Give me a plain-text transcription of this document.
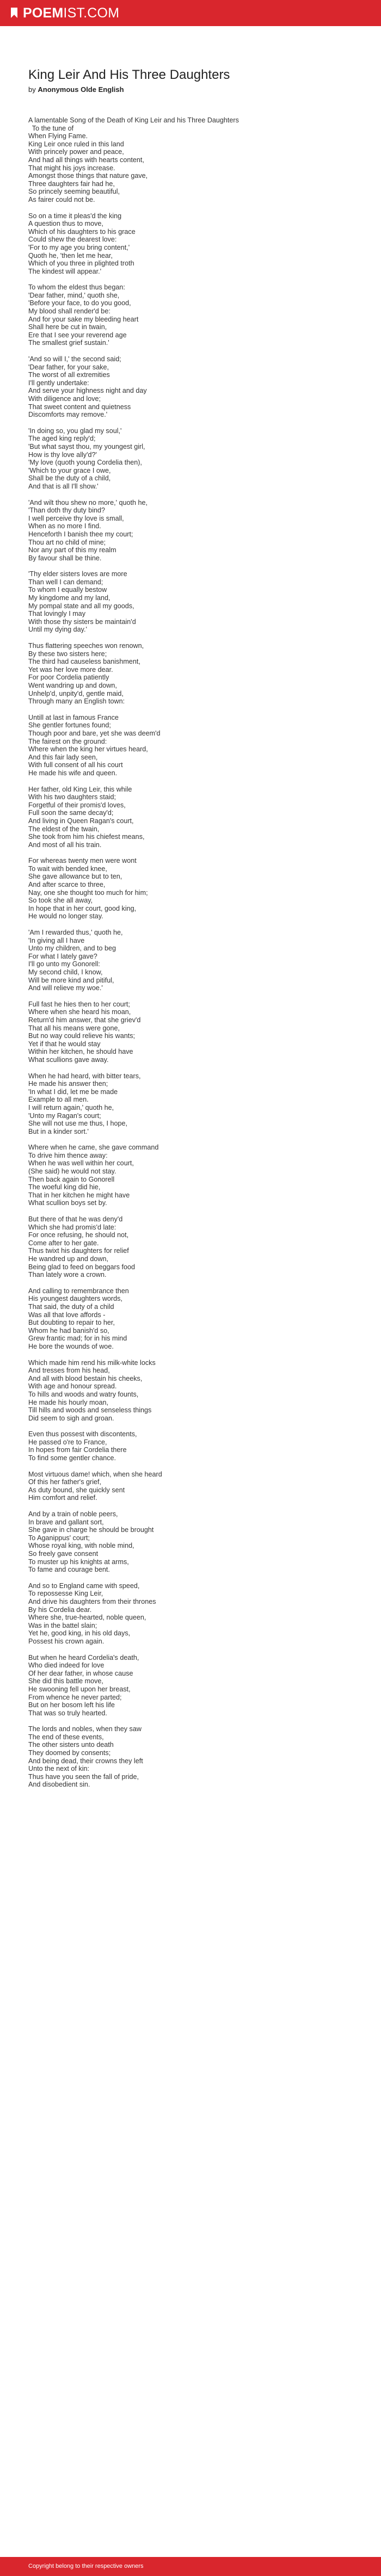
POEMIST.COM
King Leir And His Three Daughters
by Anonymous Olde English
A lamentable Song of the Death of King Leir and his Three Daughters
To the tune of
When Flying Fame.
King Leir once ruled in this land
With princely power and peace,
And had all things with hearts content,
That might his joys increase.
Amongst those things that nature gave,
Three daughters fair had he,
So princely seeming beautiful,
As fairer could not be.
So on a time it pleas'd the king
A question thus to move,
Which of his daughters to his grace
Could shew the dearest love:
'For to my age you bring content,'
Quoth he, 'then let me hear,
Which of you three in plighted troth
The kindest will appear.'
To whom the eldest thus began:
'Dear father, mind,' quoth she,
'Before your face, to do you good,
My blood shall render'd be:
And for your sake my bleeding heart
Shall here be cut in twain,
Ere that I see your reverend age
The smallest grief sustain.'
'And so will I,' the second said;
'Dear father, for your sake,
The worst of all extremities
I'll gently undertake:
And serve your highness night and day
With diligence and love;
That sweet content and quietness
Discomforts may remove.'
'In doing so, you glad my soul,'
The aged king reply'd;
'But what sayst thou, my youngest girl,
How is thy love ally'd?'
'My love (quoth young Cordelia then),
'Which to your grace I owe,
Shall be the duty of a child,
And that is all I'll show.'
'And wilt thou shew no more,' quoth he,
'Than doth thy duty bind?
I well perceive thy love is small,
When as no more I find.
Henceforth I banish thee my court;
Thou art no child of mine;
Nor any part of this my realm
By favour shall be thine.
'Thy elder sisters loves are more
Than well I can demand;
To whom I equally bestow
My kingdome and my land,
My pompal state and all my goods,
That lovingly I may
With those thy sisters be maintain'd
Until my dying day.'
Thus flattering speeches won renown,
By these two sisters here;
The third had causeless banishment,
Yet was her love more dear.
For poor Cordelia patiently
Went wandring up and down,
Unhelp'd, unpity'd, gentle maid,
Through many an English town:
Untill at last in famous France
She gentler fortunes found;
Though poor and bare, yet she was deem'd
The fairest on the ground:
Where when the king her virtues heard,
And this fair lady seen,
With full consent of all his court
He made his wife and queen.
Her father, old King Leir, this while
With his two daughters staid;
Forgetful of their promis'd loves,
Full soon the same decay'd;
And living in Queen Ragan's court,
The eldest of the twain,
She took from him his chiefest means,
And most of all his train.
For whereas twenty men were wont
To wait with bended knee,
She gave allowance but to ten,
And after scarce to three,
Nay, one she thought too much for him;
So took she all away,
In hope that in her court, good king,
He would no longer stay.
'Am I rewarded thus,' quoth he,
'In giving all I have
Unto my children, and to beg
For what I lately gave?
I'll go unto my Gonorell:
My second child, I know,
Will be more kind and pitiful,
And will relieve my woe.'
Full fast he hies then to her court;
Where when she heard his moan,
Return'd him answer, that she griev'd
That all his means were gone,
But no way could relieve his wants;
Yet if that he would stay
Within her kitchen, he should have
What scullions gave away.
When he had heard, with bitter tears,
He made his answer then;
'In what I did, let me be made
Example to all men.
I will return again,' quoth he,
'Unto my Ragan's court;
She will not use me thus, I hope,
But in a kinder sort.'
Where when he came, she gave command
To drive him thence away:
When he was well within her court,
(She said) he would not stay.
Then back again to Gonorell
The woeful king did hie,
That in her kitchen he might have
What scullion boys set by.
But there of that he was deny'd
Which she had promis'd late:
For once refusing, he should not,
Come after to her gate.
Thus twixt his daughters for relief
He wandred up and down,
Being glad to feed on beggars food
Than lately wore a crown.
And calling to remembrance then
His youngest daughters words,
That said, the duty of a child
Was all that love affords -
But doubting to repair to her,
Whom he had banish'd so,
Grew frantic mad; for in his mind
He bore the wounds of woe.
Which made him rend his milk-white locks
And tresses from his head,
And all with blood bestain his cheeks,
With age and honour spread.
To hills and woods and watry founts,
He made his hourly moan,
Till hills and woods and senseless things
Did seem to sigh and groan.
Even thus possest with discontents,
He passed o're to France,
In hopes from fair Cordelia there
To find some gentler chance.
Most virtuous dame! which, when she heard
Of this her father's grief,
As duty bound, she quickly sent
Him comfort and relief.
And by a train of noble peers,
In brave and gallant sort,
She gave in charge he should be brought
To Aganippus' court;
Whose royal king, with noble mind,
So freely gave consent
To muster up his knights at arms,
To fame and courage bent.
And so to England came with speed,
To repossesse King Leir,
And drive his daughters from their thrones
By his Cordelia dear.
Where she, true-hearted, noble queen,
Was in the battel slain;
Yet he, good king, in his old days,
Possest his crown again.
But when he heard Cordelia's death,
Who died indeed for love
Of her dear father, in whose cause
She did this battle move,
He swooning fell upon her breast,
From whence he never parted;
But on her bosom left his life
That was so truly hearted.
The lords and nobles, when they saw
The end of these events,
The other sisters unto death
They doomed by consents;
And being dead, their crowns they left
Unto the next of kin:
Thus have you seen the fall of pride,
And disobedient sin.
Copyright belong to their respective owners
